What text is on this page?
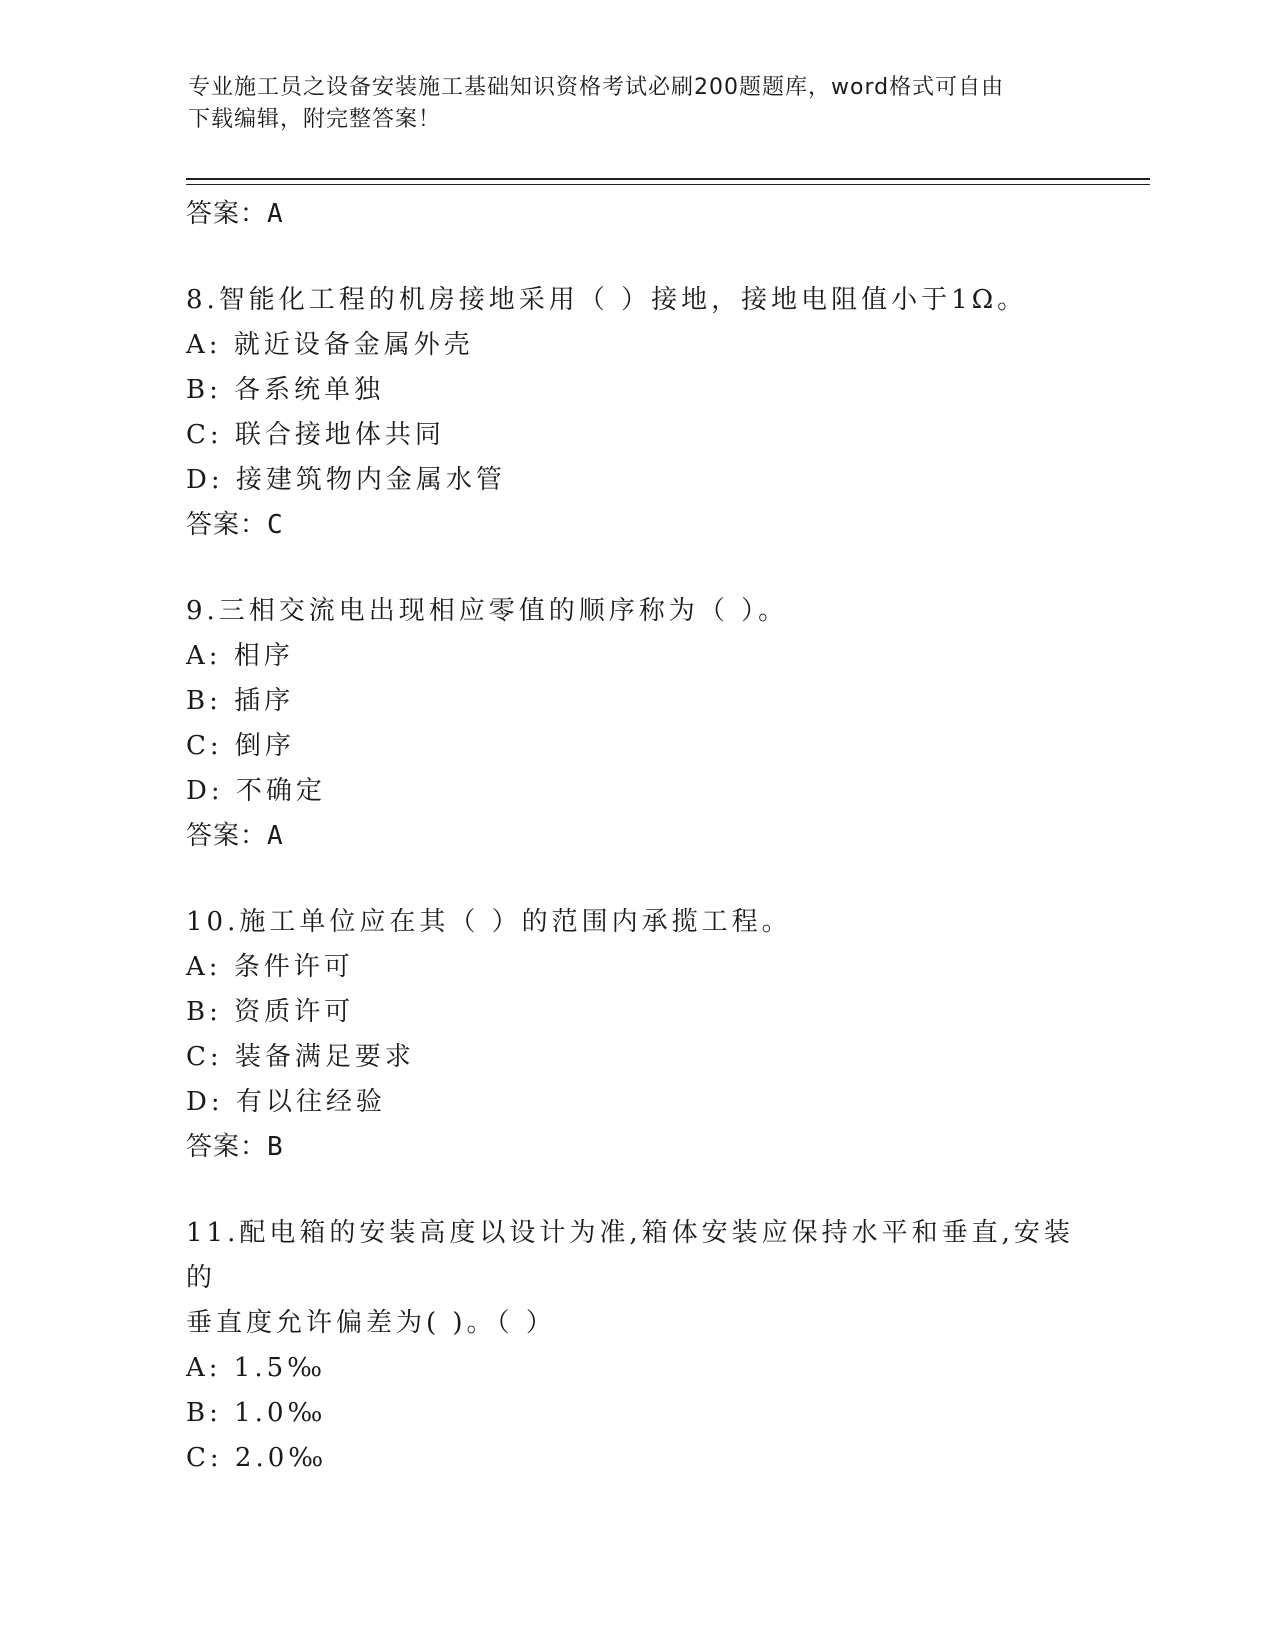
专业施工员之设备安装施工基础知识资格考试必刷200题题库，word格式可自由
下载编辑，附完整答案！
答案：A
8.智能化工程的机房接地采用（ ）接地，接地电阻值小于1Ω。
A: 就近设备金属外壳
B: 各系统单独
C: 联合接地体共同
D: 接建筑物内金属水管
答案：C
9.三相交流电出现相应零值的顺序称为（ ）。
A: 相序
B: 插序
C: 倒序
D: 不确定
答案：A
10.施工单位应在其（ ）的范围内承揽工程。
A: 条件许可
B: 资质许可
C: 装备满足要求
D: 有以往经验
答案：B
11.配电箱的安装高度以设计为准,箱体安装应保持水平和垂直,安装的
垂直度允许偏差为( )。（ ）
A: 1.5‰
B: 1.0‰
C: 2.0‰
